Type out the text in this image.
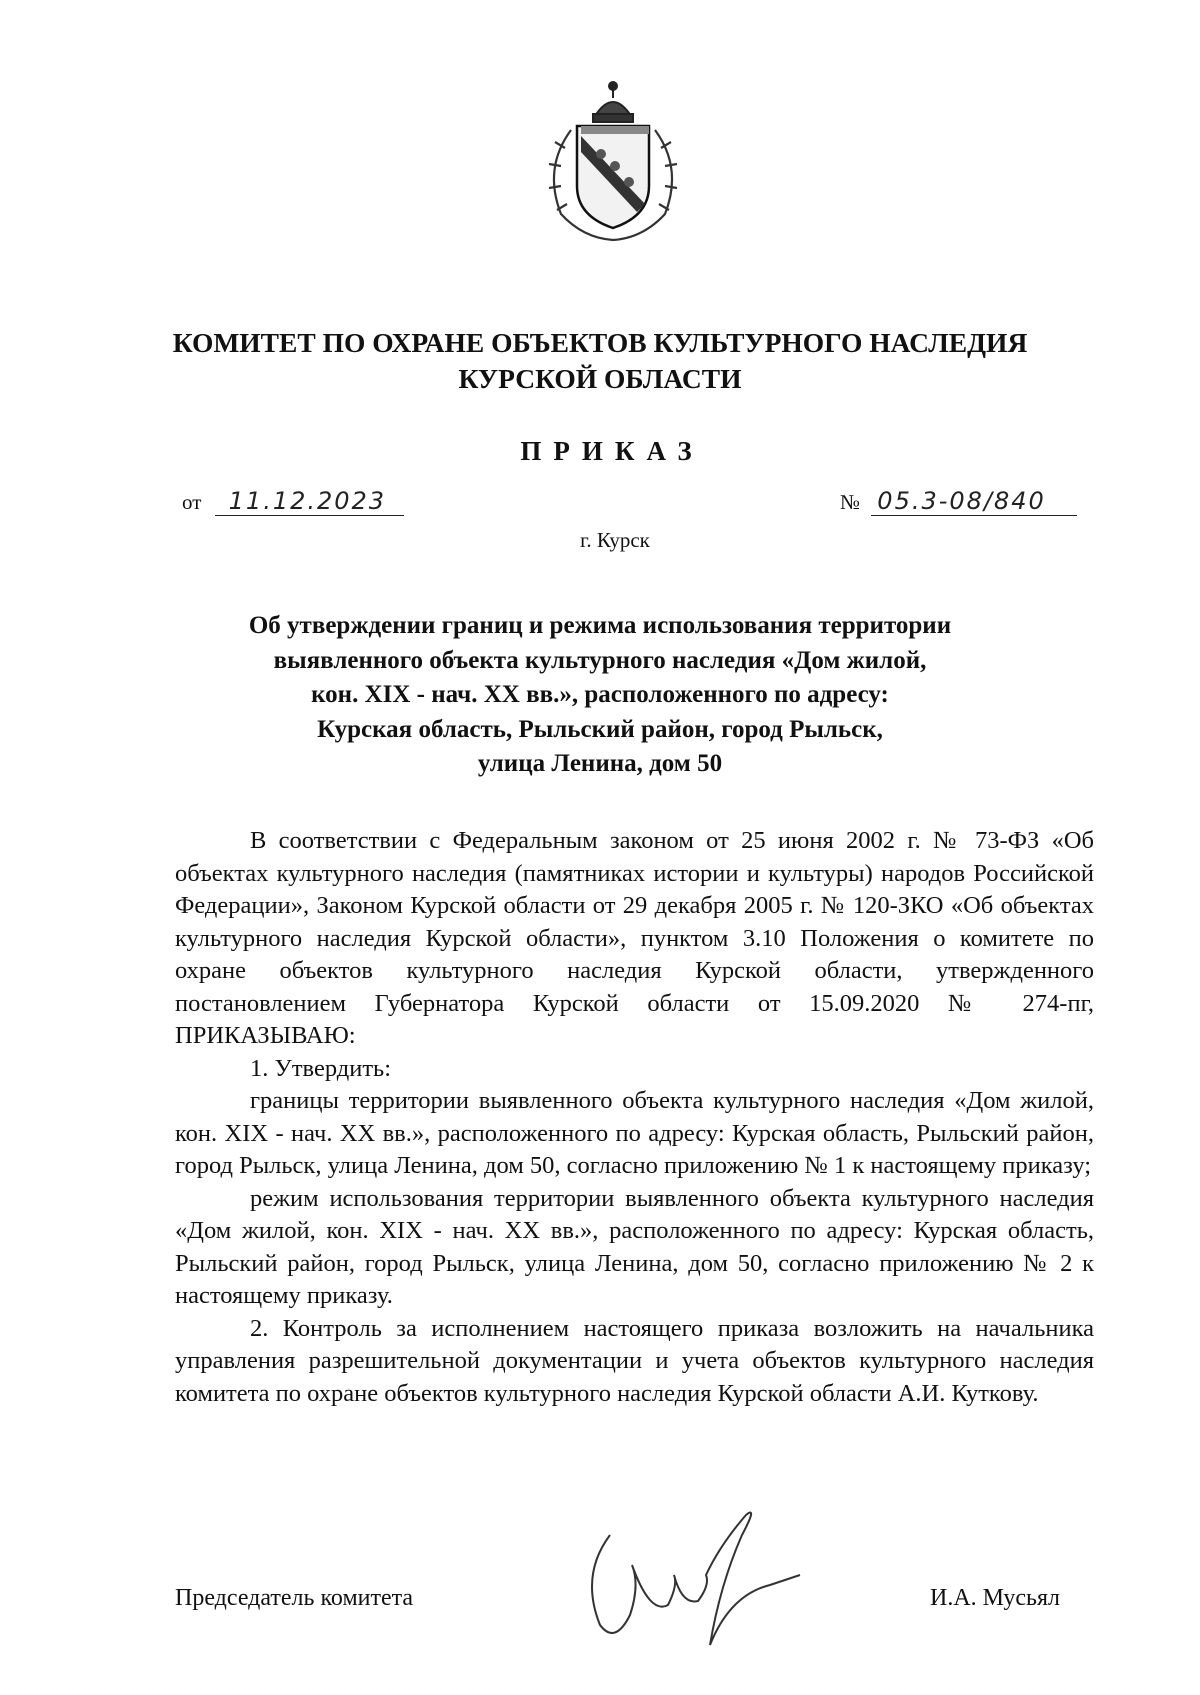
КОМИТЕТ ПО ОХРАНЕ ОБЪЕКТОВ КУЛЬТУРНОГО НАСЛЕДИЯ
КУРСКОЙ ОБЛАСТИ
ПРИКАЗ
от 11.12.2023	№ 05.3-08/840
г. Курск
Об утверждении границ и режима использования территории
выявленного объекта культурного наследия «Дом жилой,
кон. XIX - нач. XX вв.», расположенного по адресу:
Курская область, Рыльский район, город Рыльск,
улица Ленина, дом 50

В соответствии с Федеральным законом от 25 июня 2002 г. № 73-ФЗ «Об объектах культурного наследия (памятниках истории и культуры) народов Российской Федерации», Законом Курской области от 29 декабря 2005 г. № 120-ЗКО «Об объектах культурного наследия Курской области», пунктом 3.10 Положения о комитете по охране объектов культурного наследия Курской области, утвержденного постановлением Губернатора Курской области от 15.09.2020 № 274-пг, ПРИКАЗЫВАЮ:

1. Утвердить:

границы территории выявленного объекта культурного наследия «Дом жилой, кон. XIX - нач. XX вв.», расположенного по адресу: Курская область, Рыльский район, город Рыльск, улица Ленина, дом 50, согласно приложению № 1 к настоящему приказу;

режим использования территории выявленного объекта культурного наследия «Дом жилой, кон. XIX - нач. XX вв.», расположенного по адресу: Курская область, Рыльский район, город Рыльск, улица Ленина, дом 50, согласно приложению № 2 к настоящему приказу.

2. Контроль за исполнением настоящего приказа возложить на начальника управления разрешительной документации и учета объектов культурного наследия комитета по охране объектов культурного наследия Курской области А.И. Куткову.

Председатель комитета	И.А. Мусьял
